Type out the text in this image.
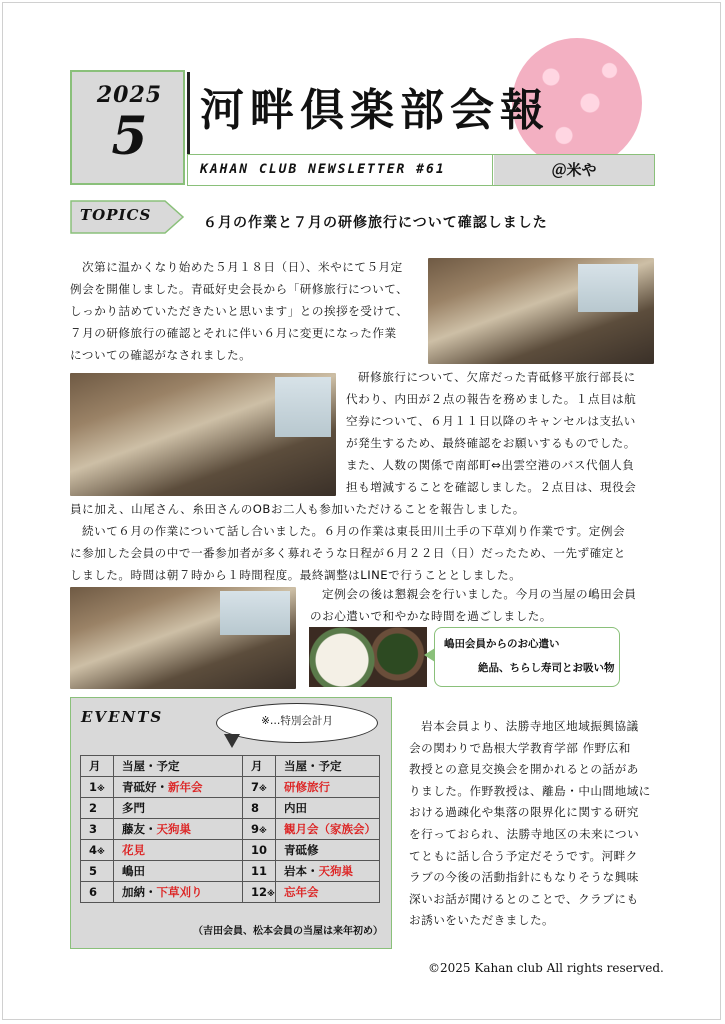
2025
5	河畔倶楽部会報
KAHAN CLUB NEWSLETTER #61	＠米や
TOPICS	６月の作業と７月の研修旅行について確認しました
次第に温かくなり始めた５月１８日（日）、米やにて５月定
例会を開催しました。青砥好史会長から「研修旅行について、
しっかり詰めていただきたいと思います」との挨拶を受けて、
７月の研修旅行の確認とそれに伴い６月に変更になった作業
についての確認がなされました。
研修旅行について、欠席だった青砥修平旅行部長に
代わり、内田が２点の報告を務めました。１点目は航
空券について、６月１１日以降のキャンセルは支払い
が発生するため、最終確認をお願いするものでした。
また、人数の関係で南部町⇔出雲空港のバス代個人負
担も増減することを確認しました。２点目は、現役会
員に加え、山尾さん、糸田さんのOBお二人も参加いただけることを報告しました。
続いて６月の作業について話し合いました。６月の作業は東長田川土手の下草刈り作業です。定例会
に参加した会員の中で一番参加者が多く募れそうな日程が６月２２日（日）だったため、一先ず確定と
しました。時間は朝７時から１時間程度。最終調整はLINEで行うこととしました。
定例会の後は懇親会を行いました。今月の当屋の嶋田会員
のお心遣いで和やかな時間を過ごしました。
嶋田会員からのお心遣い
絶品、ちらし寿司とお吸い物
EVENTS	※…特別会計月
月	当屋・予定	月	当屋・予定
1※	青砥好・新年会	7※	研修旅行
2	多門	8	内田
3	藤友・天狗巣	9※	観月会（家族会）
4※	花見	10	青砥修
5	嶋田	11	岩本・天狗巣
6	加納・下草刈り	12※	忘年会
（吉田会員、松本会員の当屋は来年初め）
岩本会員より、法勝寺地区地域振興協議
会の関わりで島根大学教育学部 作野広和
教授との意見交換会を開かれるとの話があ
りました。作野教授は、離島・中山間地域に
おける過疎化や集落の限界化に関する研究
を行っておられ、法勝寺地区の未来につい
てともに話し合う予定だそうです。河畔ク
ラブの今後の活動指針にもなりそうな興味
深いお話が聞けるとのことで、クラブにも
お誘いをいただきました。
©2025 Kahan club All rights reserved.
